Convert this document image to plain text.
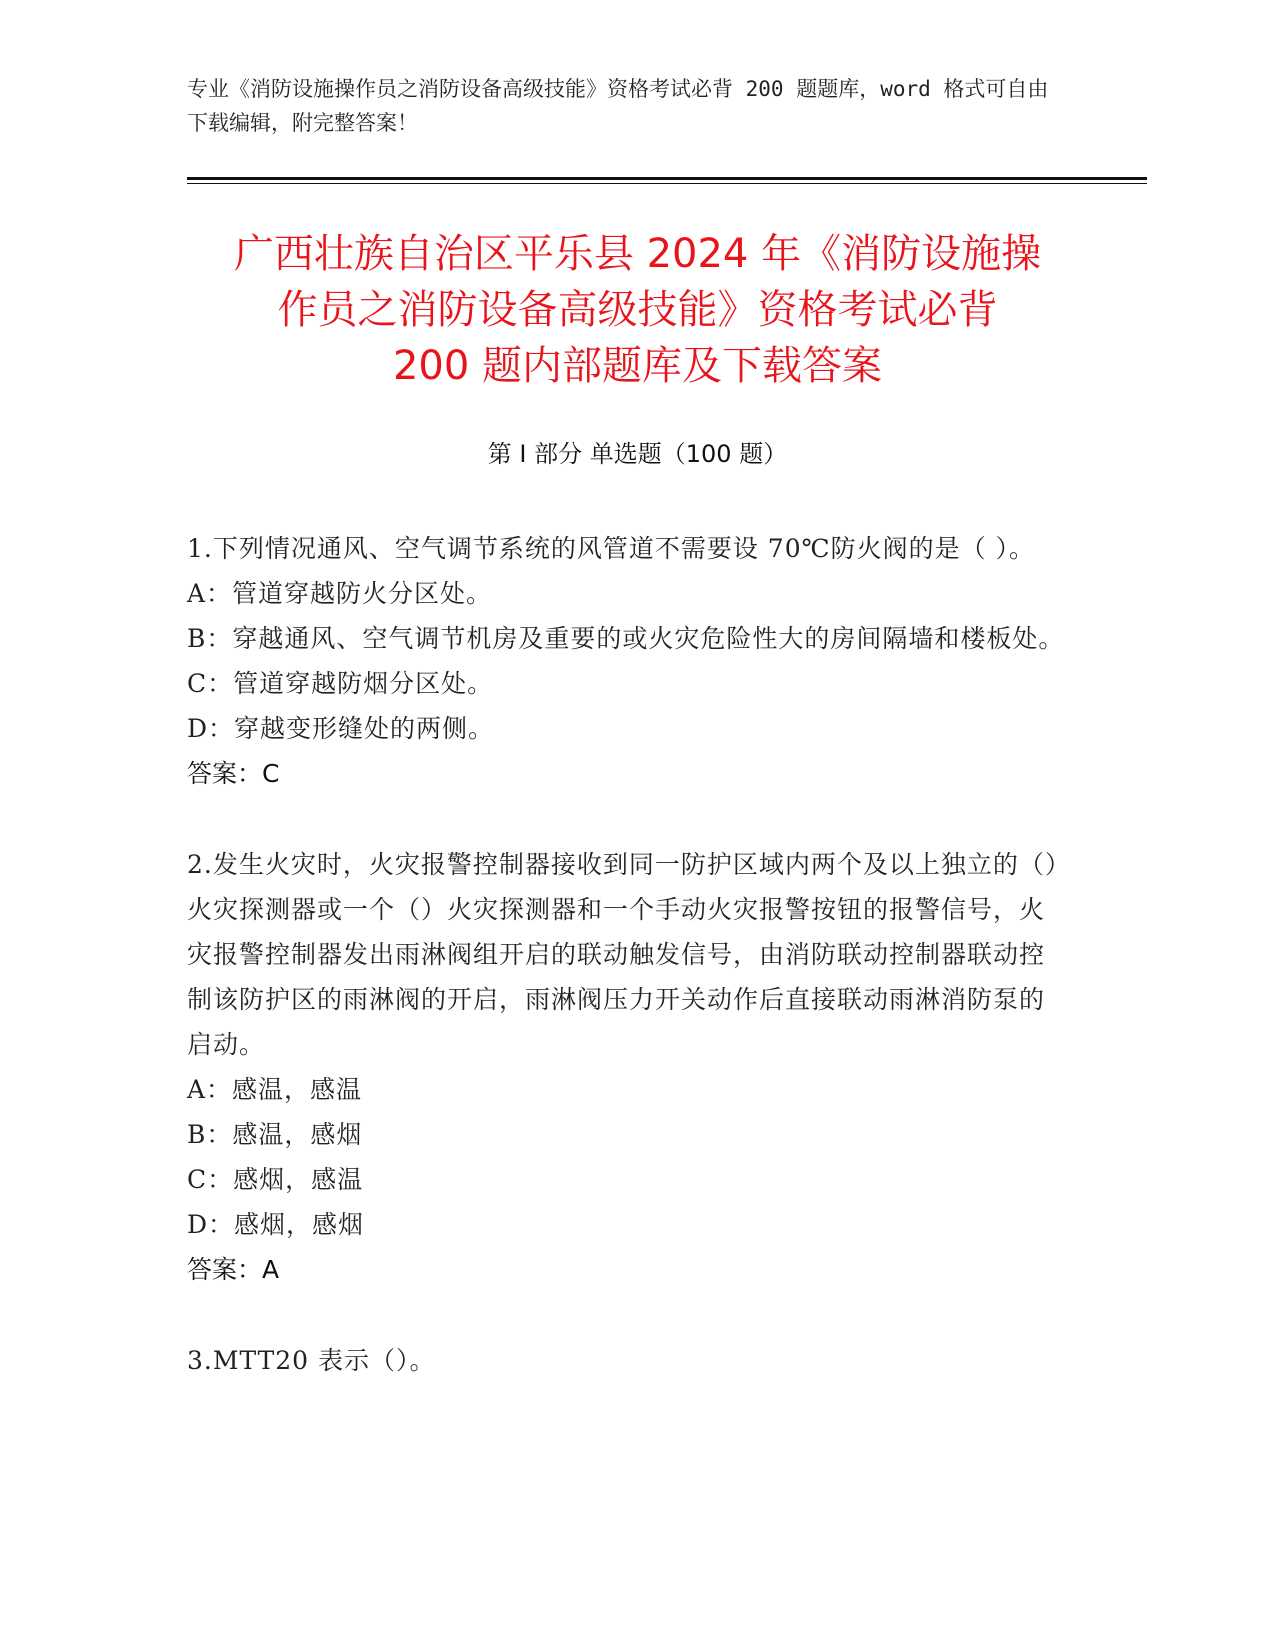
专业《消防设施操作员之消防设备高级技能》资格考试必背 200 题题库，word 格式可自由下载编辑，附完整答案！
广西壮族自治区平乐县 2024 年《消防设施操
作员之消防设备高级技能》资格考试必背
200 题内部题库及下载答案
第 I 部分 单选题（100 题）

1.下列情况通风、空气调节系统的风管道不需要设 70℃防火阀的是（ ）。

A：管道穿越防火分区处。

B：穿越通风、空气调节机房及重要的或火灾危险性大的房间隔墙和楼板处。

C：管道穿越防烟分区处。

D：穿越变形缝处的两侧。

答案：C

2.发生火灾时，火灾报警控制器接收到同一防护区域内两个及以上独立的（）火灾探测器或一个（）火灾探测器和一个手动火灾报警按钮的报警信号，火灾报警控制器发出雨淋阀组开启的联动触发信号，由消防联动控制器联动控制该防护区的雨淋阀的开启，雨淋阀压力开关动作后直接联动雨淋消防泵的启动。

A：感温，感温

B：感温，感烟

C：感烟，感温

D：感烟，感烟

答案：A

3.MTT20 表示（）。
